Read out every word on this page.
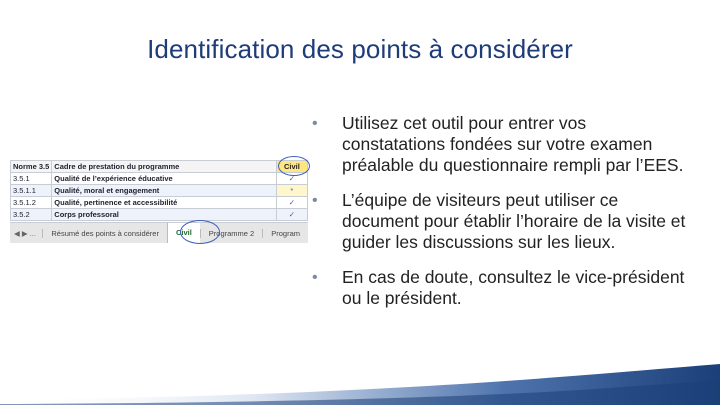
Identification des points à considérer
Norme 3.5	Cadre de prestation du programme	Civil
3.5.1	Qualité de l’expérience éducative	✓
3.5.1.1	Qualité, moral et engagement	*
3.5.1.2	Qualité, pertinence et accessibilité	✓
3.5.2	Corps professoral	✓
◀ ▶ ...	Résumé des points à considérer	Civil	Programme 2	Program
• Utilisez cet outil pour entrer vos constatations fondées sur votre examen préalable du questionnaire rempli par l’EES.
• L’équipe de visiteurs peut utiliser ce document pour établir l’horaire de la visite et guider les discussions sur les lieux.
• En cas de doute, consultez le vice-président ou le président.
